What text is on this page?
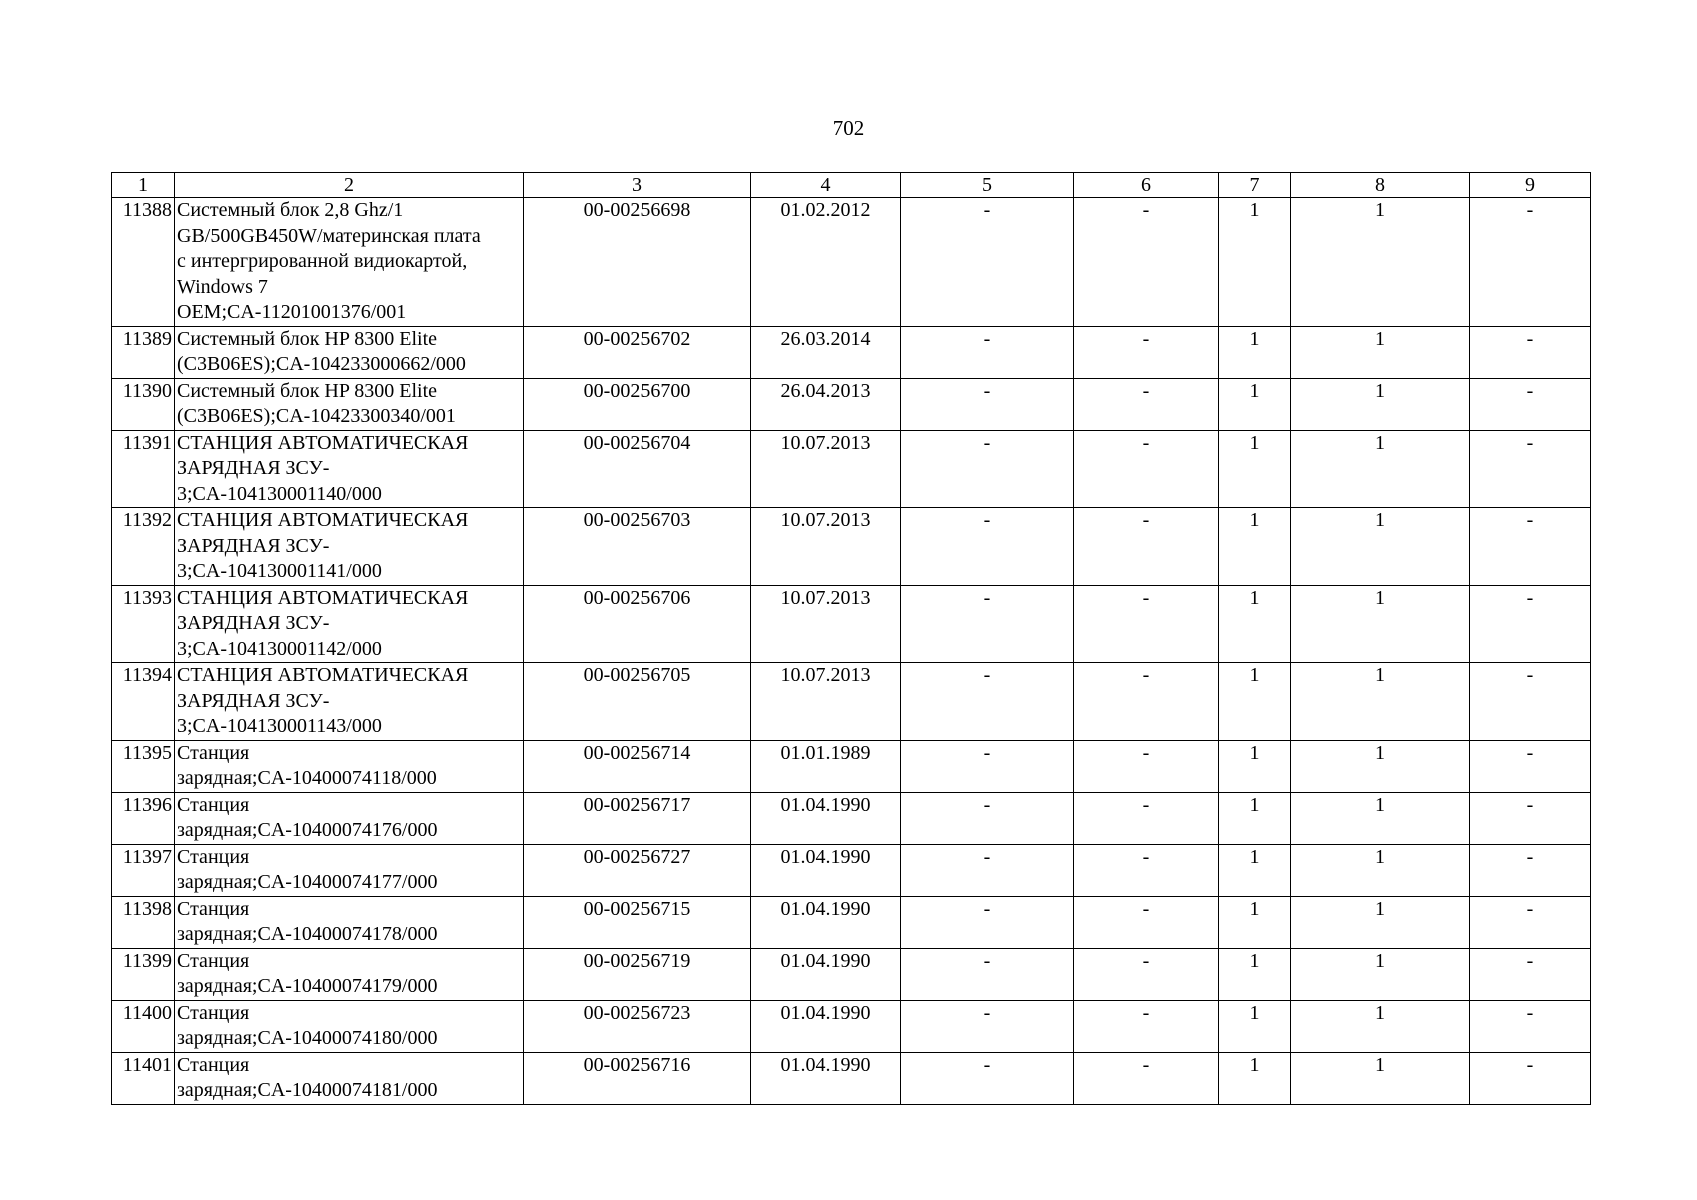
702
1	2	3	4	5	6	7	8	9
11388	Системный блок 2,8 Ghz/1
GB/500GB450W/материнская плата
с интергрированной видиокартой,
Windows 7
OEM;CA-11201001376/001	00-00256698	01.02.2012	-	-	1	1	-
11389	Системный блок HP 8300 Elite
(C3B06ES);CA-104233000662/000	00-00256702	26.03.2014	-	-	1	1	-
11390	Системный блок HP 8300 Elite
(C3B06ES);CA-10423300340/001	00-00256700	26.04.2013	-	-	1	1	-
11391	СТАНЦИЯ АВТОМАТИЧЕСКАЯ
ЗАРЯДНАЯ ЗСУ-
3;CA-104130001140/000	00-00256704	10.07.2013	-	-	1	1	-
11392	СТАНЦИЯ АВТОМАТИЧЕСКАЯ
ЗАРЯДНАЯ ЗСУ-
3;CA-104130001141/000	00-00256703	10.07.2013	-	-	1	1	-
11393	СТАНЦИЯ АВТОМАТИЧЕСКАЯ
ЗАРЯДНАЯ ЗСУ-
3;CA-104130001142/000	00-00256706	10.07.2013	-	-	1	1	-
11394	СТАНЦИЯ АВТОМАТИЧЕСКАЯ
ЗАРЯДНАЯ ЗСУ-
3;CA-104130001143/000	00-00256705	10.07.2013	-	-	1	1	-
11395	Станция
зарядная;CA-10400074118/000	00-00256714	01.01.1989	-	-	1	1	-
11396	Станция
зарядная;CA-10400074176/000	00-00256717	01.04.1990	-	-	1	1	-
11397	Станция
зарядная;CA-10400074177/000	00-00256727	01.04.1990	-	-	1	1	-
11398	Станция
зарядная;CA-10400074178/000	00-00256715	01.04.1990	-	-	1	1	-
11399	Станция
зарядная;CA-10400074179/000	00-00256719	01.04.1990	-	-	1	1	-
11400	Станция
зарядная;CA-10400074180/000	00-00256723	01.04.1990	-	-	1	1	-
11401	Станция
зарядная;CA-10400074181/000	00-00256716	01.04.1990	-	-	1	1	-
